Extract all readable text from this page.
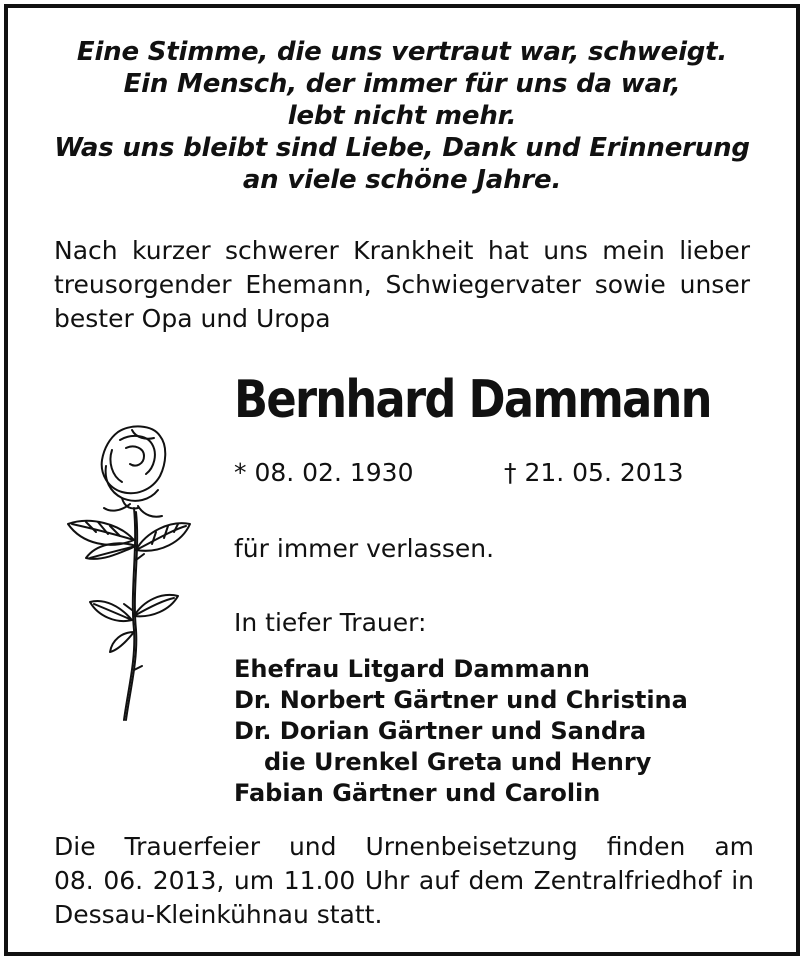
Eine Stimme, die uns vertraut war, schweigt.
Ein Mensch, der immer für uns da war,
lebt nicht mehr.
Was uns bleibt sind Liebe, Dank und Erinnerung
an viele schöne Jahre.
Nach kurzer schwerer Krankheit hat uns mein lieber
treusorgender Ehemann, Schwiegervater sowie unser
bester Opa und Uropa
Bernhard Dammann
* 08. 02. 1930	† 21. 05. 2013
für immer verlassen.
In tiefer Trauer:
Ehefrau Litgard Dammann
Dr. Norbert Gärtner und Christina
Dr. Dorian Gärtner und Sandra
die Urenkel Greta und Henry
Fabian Gärtner und Carolin
Die Trauerfeier und Urnenbeisetzung finden am
08. 06. 2013, um 11.00 Uhr auf dem Zentralfriedhof in
Dessau-Kleinkühnau statt.
